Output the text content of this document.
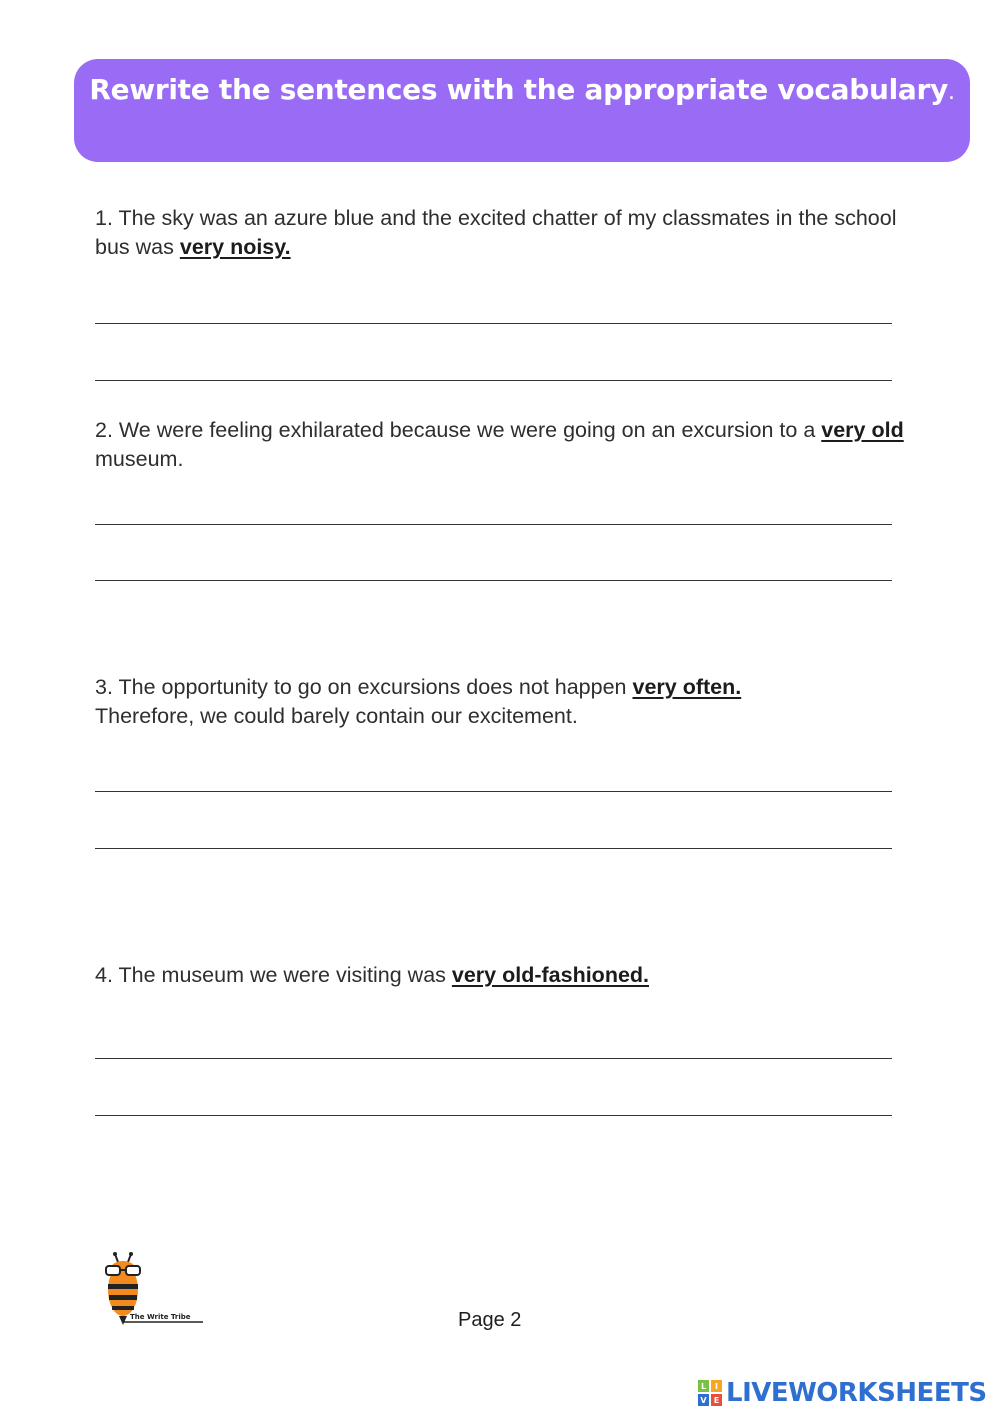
Rewrite the sentences with the appropriate vocabulary.
1. The sky was an azure blue and the excited chatter of my classmates in the school bus was very noisy.
2. We were feeling exhilarated because we were going on an excursion to a very old museum.
3. The opportunity to go on excursions does not happen very often. Therefore, we could barely contain our excitement.
4. The museum we were visiting was very old-fashioned.
The Write Tribe	Page 2
L I
V E LIVEWORKSHEETS
